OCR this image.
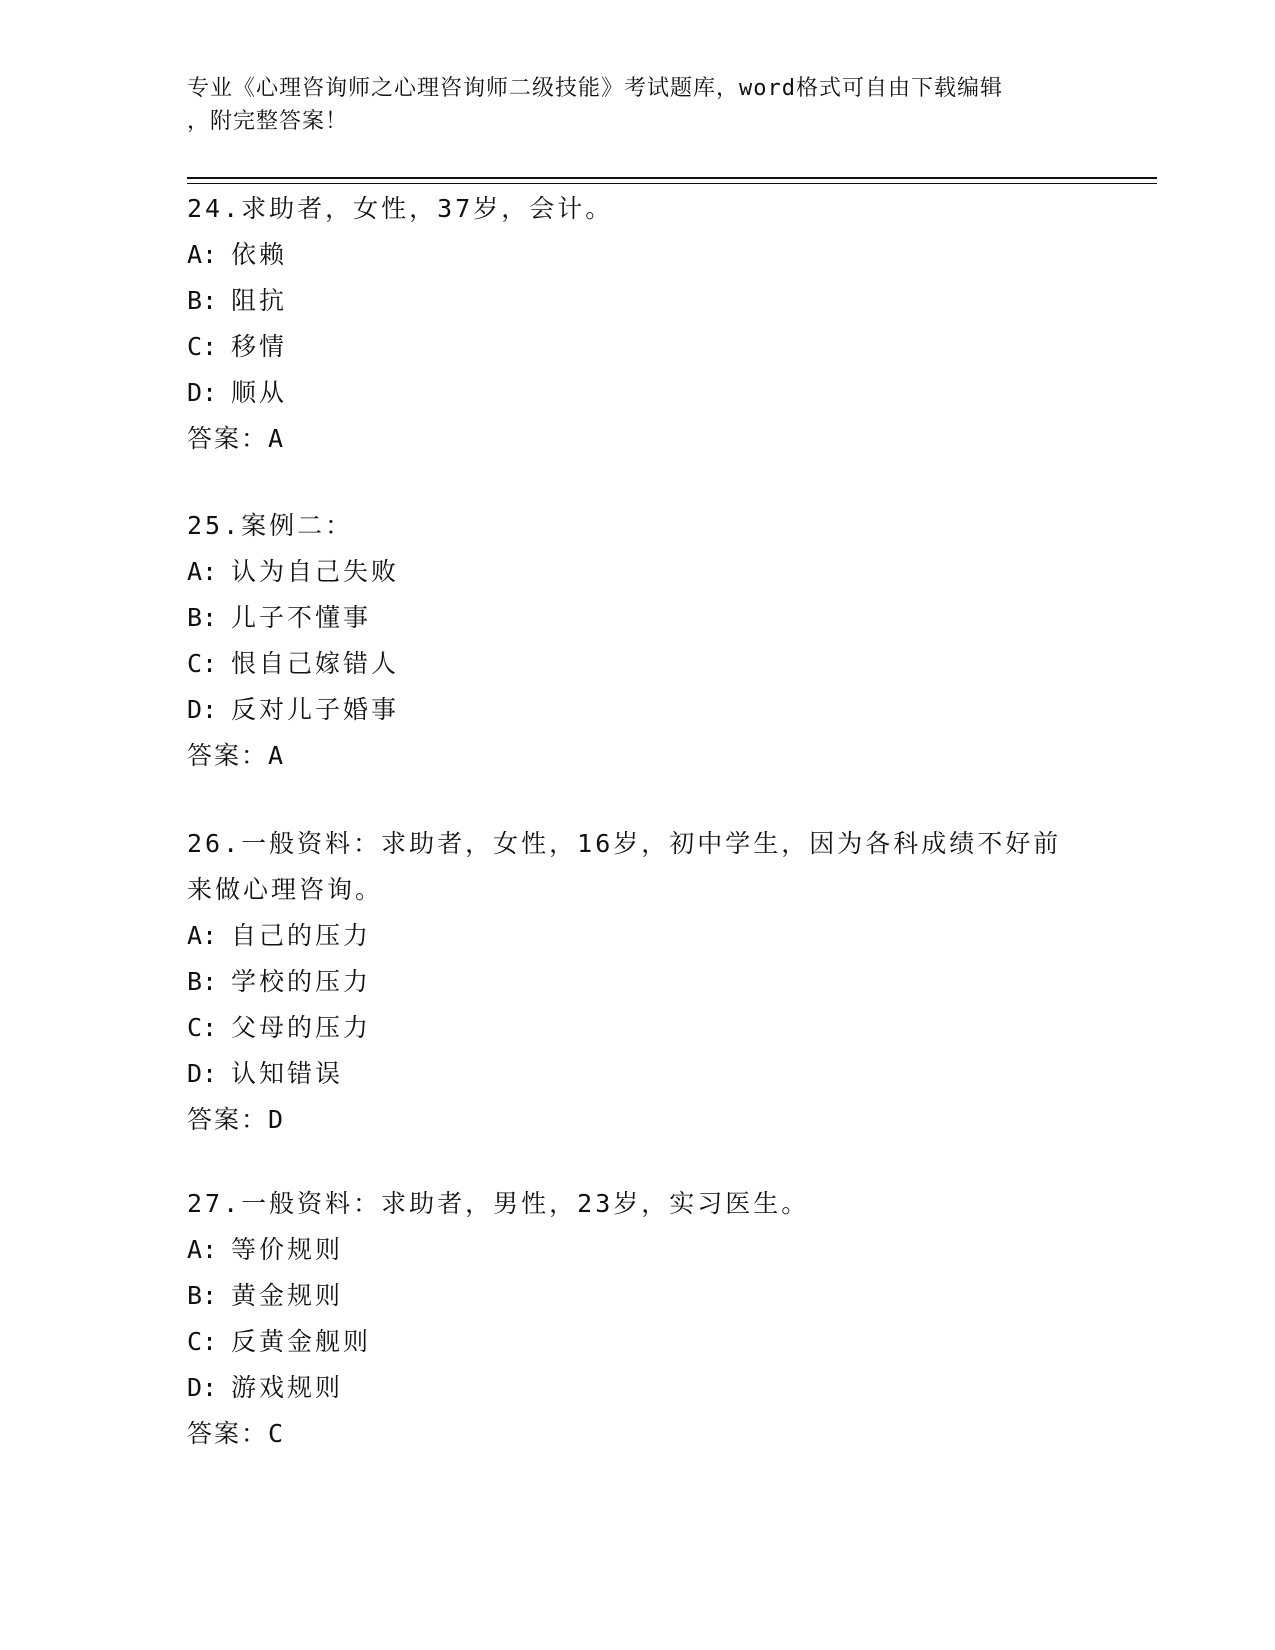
专业《心理咨询师之心理咨询师二级技能》考试题库，word格式可自由下载编辑
，附完整答案！
24.求助者，女性，37岁，会计。
A: 依赖
B: 阻抗
C: 移情
D: 顺从
答案：A
25.案例二：
A: 认为自己失败
B: 儿子不懂事
C: 恨自己嫁错人
D: 反对儿子婚事
答案：A
26.一般资料：求助者，女性，16岁，初中学生，因为各科成绩不好前来做心理咨询。
A: 自己的压力
B: 学校的压力
C: 父母的压力
D: 认知错误
答案：D
27.一般资料：求助者，男性，23岁，实习医生。
A: 等价规则
B: 黄金规则
C: 反黄金舰则
D: 游戏规则
答案：C
